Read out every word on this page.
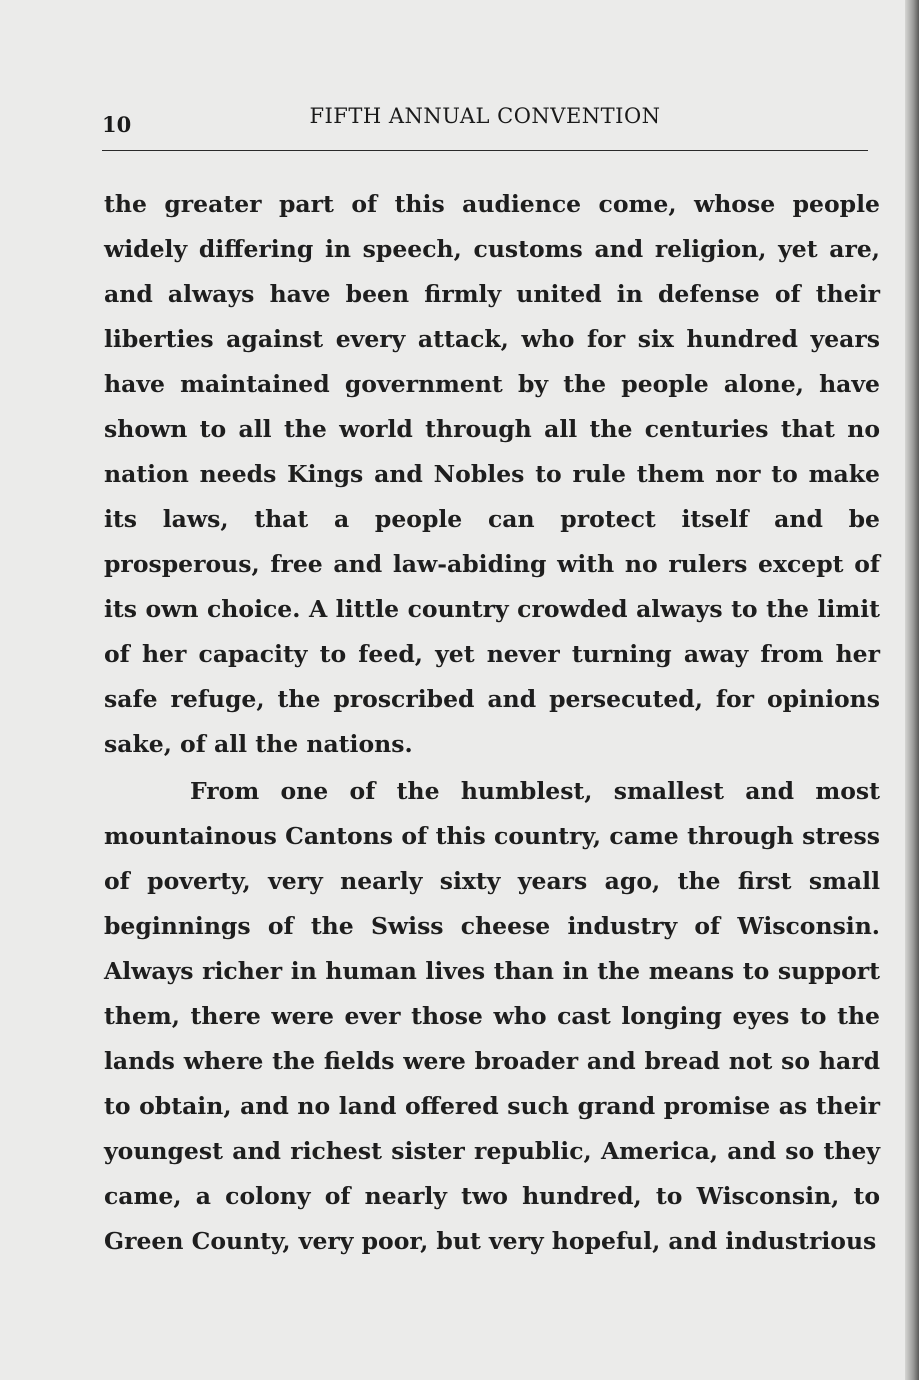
10	FIFTH ANNUAL CONVENTION

the greater part of this audience come, whose people widely differing in speech, customs and religion, yet are, and always have been firmly united in defense of their liberties against every attack, who for six hundred years have maintained government by the people alone, have shown to all the world through all the centuries that no nation needs Kings and Nobles to rule them nor to make its laws, that a people can protect itself and be prosperous, free and law-abiding with no rulers except of its own choice. A little country crowded always to the limit of her capacity to feed, yet never turning away from her safe refuge, the proscribed and persecuted, for opinions sake, of all the nations.

From one of the humblest, smallest and most mountainous Cantons of this country, came through stress of poverty, very nearly sixty years ago, the first small beginnings of the Swiss cheese industry of Wisconsin. Always richer in human lives than in the means to support them, there were ever those who cast longing eyes to the lands where the fields were broader and bread not so hard to obtain, and no land offered such grand promise as their youngest and richest sister republic, America, and so they came, a colony of nearly two hundred, to Wisconsin, to Green County, very poor, but very hopeful, and industrious
